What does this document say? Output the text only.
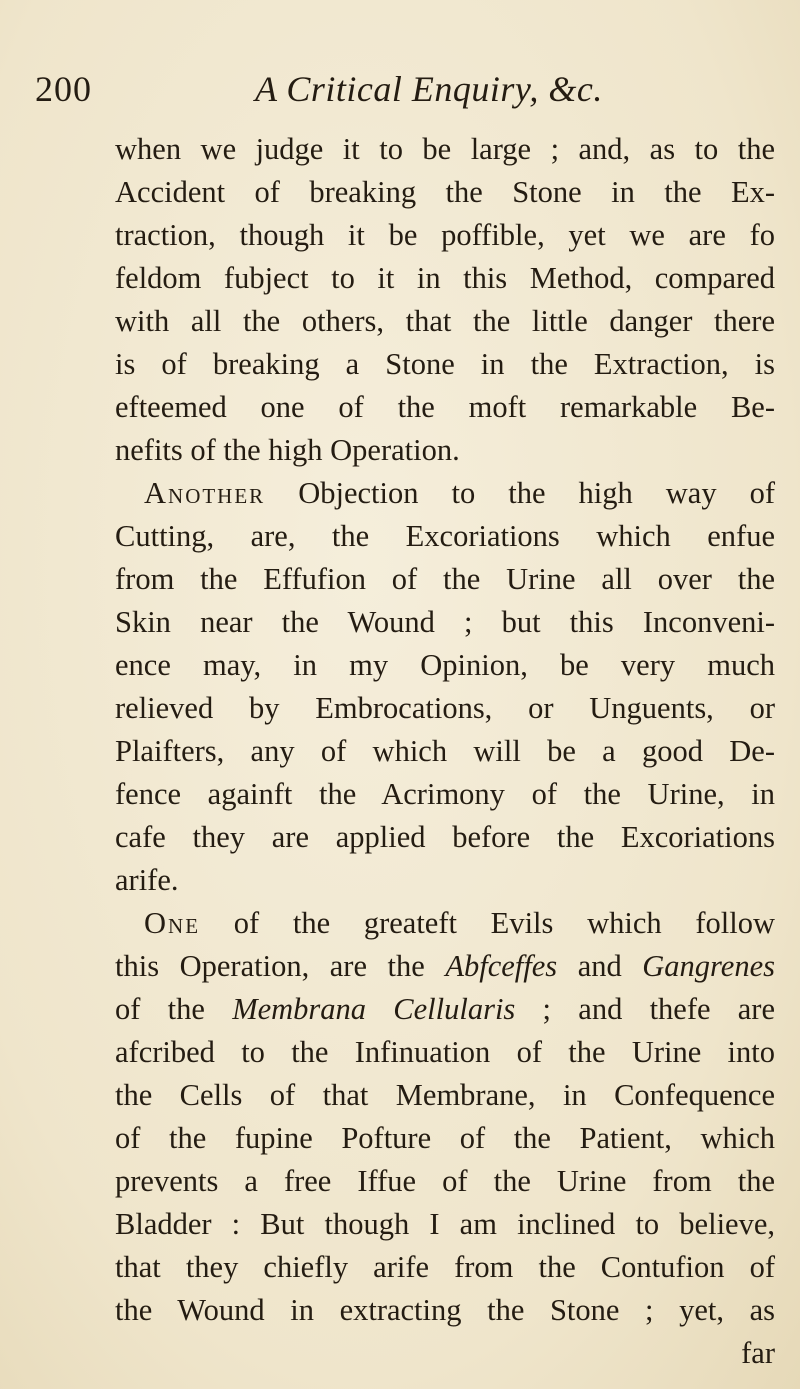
200	A Critical Enquiry, &c.
when we judge it to be large ; and, as to the
Accident of breaking the Stone in the Ex-
traction, though it be poffible, yet we are fo
feldom fubject to it in this Method, compared
with all the others, that the little danger there
is of breaking a Stone in the Extraction, is
efteemed one of the moft remarkable Be-
nefits of the high Operation.
Another Objection to the high way of
Cutting, are, the Excoriations which enfue
from the Effufion of the Urine all over the
Skin near the Wound ; but this Inconveni-
ence may, in my Opinion, be very much
relieved by Embrocations, or Unguents, or
Plaifters, any of which will be a good De-
fence againft the Acrimony of the Urine, in
cafe they are applied before the Excoriations
arife.
One of the greateft Evils which follow
this Operation, are the Abfceffes and Gangrenes
of the Membrana Cellularis ; and thefe are
afcribed to the Infinuation of the Urine into
the Cells of that Membrane, in Confequence
of the fupine Pofture of the Patient, which
prevents a free Iffue of the Urine from the
Bladder : But though I am inclined to believe,
that they chiefly arife from the Contufion of
the Wound in extracting the Stone ; yet, as
far
